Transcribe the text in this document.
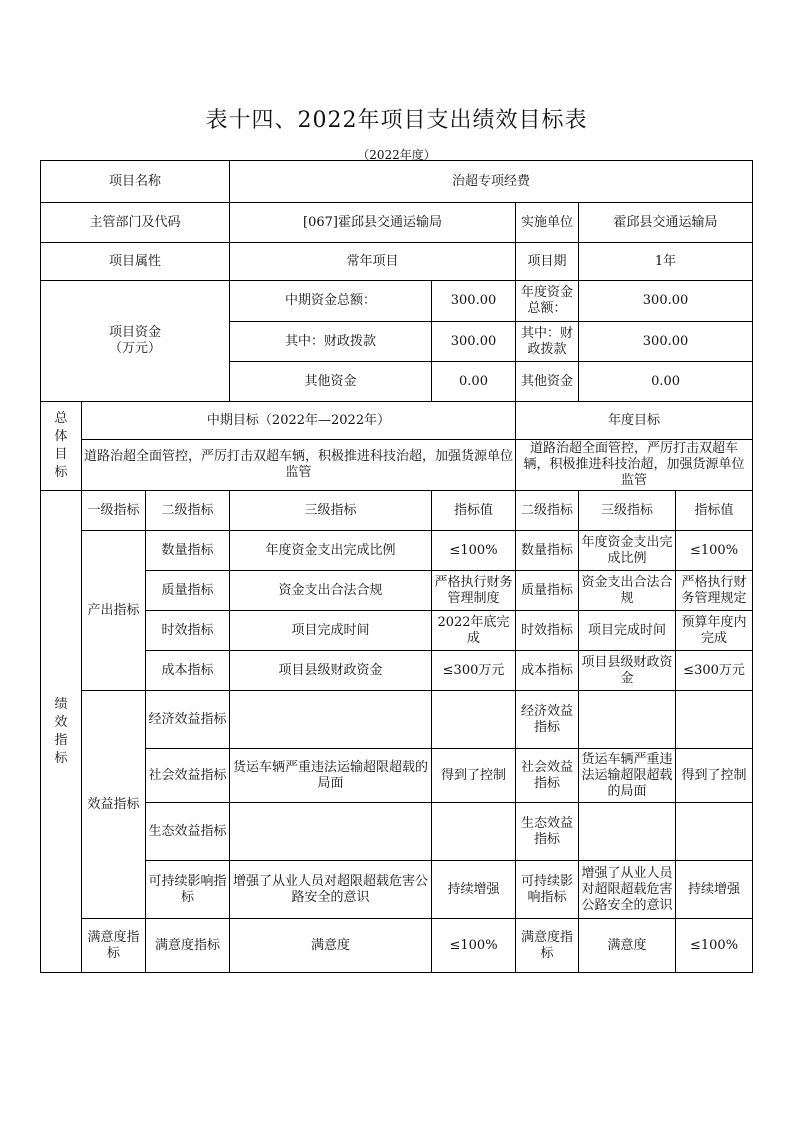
表十四、2022年项目支出绩效目标表
（2022年度）
项目名称			治超专项经费				
主管部门及代码			[067]霍邱县交通运输局		实施单位	霍邱县交通运输局	
项目属性			常年项目		项目期	1年	

项目资金
（万元）			中期资金总额：	300.00	年度资金总额：	300.00	
			其中：财政拨款	300.00	其中：财政拨款	300.00	
			其他资金	0.00	其他资金	0.00	

总体目标	中期目标（2022年—2022年）				年度目标		
	道路治超全面管控，严厉打击双超车辆，积极推进科技治超，加强货源单位监管				道路治超全面管控，严厉打击双超车辆，积极推进科技治超，加强货源单位监管		

绩效指标	一级指标	二级指标	三级指标	指标值	二级指标	三级指标	指标值
	产出指标	数量指标	年度资金支出完成比例	≤100%	数量指标	年度资金支出完成比例	≤100%
		质量指标	资金支出合法合规	严格执行财务管理制度	质量指标	资金支出合法合规	严格执行财务管理规定
		时效指标	项目完成时间	2022年底完成	时效指标	项目完成时间	预算年度内完成
		成本指标	项目县级财政资金	≤300万元	成本指标	项目县级财政资金	≤300万元
	效益指标	经济效益指标			经济效益指标		
		社会效益指标	货运车辆严重违法运输超限超载的局面	得到了控制	社会效益指标	货运车辆严重违法运输超限超载的局面	得到了控制
		生态效益指标			生态效益指标		
		可持续影响指标	增强了从业人员对超限超载危害公路安全的意识	持续增强	可持续影响指标	增强了从业人员对超限超载危害公路安全的意识	持续增强
	满意度指标	满意度指标	满意度	≤100%	满意度指标	满意度	≤100%
